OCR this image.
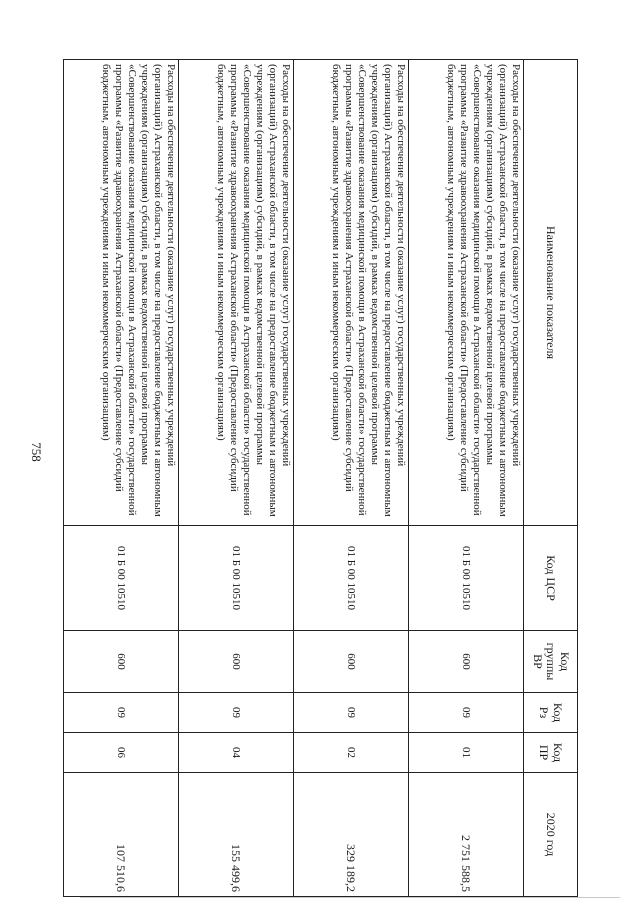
758
Наименование показателя	Код ЦСР	Код группы ВР	Код Рз	Код ПР	2020 год
Расходы на обеспечение деятельности (оказание услуг) государственных учреждений (организаций) Астраханской области, в том числе на предоставление бюджетным и автономным учреждениям (организациям) субсидий, в рамках ведомственной целевой программы «Совершенствование оказания медицинской помощи в Астраханской области» государственной программы «Развитие здравоохранения Астраханской области» (Предоставление субсидий бюджетным, автономным учреждениям и иным некоммерческим организациям)	01 Б 00 10510	600	09	01	2 751 588,5
Расходы на обеспечение деятельности (оказание услуг) государственных учреждений (организаций) Астраханской области, в том числе на предоставление бюджетным и автономным учреждениям (организациям) субсидий, в рамках ведомственной целевой программы «Совершенствование оказания медицинской помощи в Астраханской области» государственной программы «Развитие здравоохранения Астраханской области» (Предоставление субсидий бюджетным, автономным учреждениям и иным некоммерческим организациям)	01 Б 00 10510	600	09	02	329 189,2
Расходы на обеспечение деятельности (оказание услуг) государственных учреждений (организаций) Астраханской области, в том числе на предоставление бюджетным и автономным учреждениям (организациям) субсидий, в рамках ведомственной целевой программы «Совершенствование оказания медицинской помощи в Астраханской области» государственной программы «Развитие здравоохранения Астраханской области» (Предоставление субсидий бюджетным, автономным учреждениям и иным некоммерческим организациям)	01 Б 00 10510	600	09	04	155 499,6
Расходы на обеспечение деятельности (оказание услуг) государственных учреждений (организаций) Астраханской области, в том числе на предоставление бюджетным и автономным учреждениям (организациям) субсидий, в рамках ведомственной целевой программы «Совершенствование оказания медицинской помощи в Астраханской области» государственной программы «Развитие здравоохранения Астраханской области» (Предоставление субсидий бюджетным, автономным учреждениям и иным некоммерческим организациям)	01 Б 00 10510	600	09	06	107 510,6
